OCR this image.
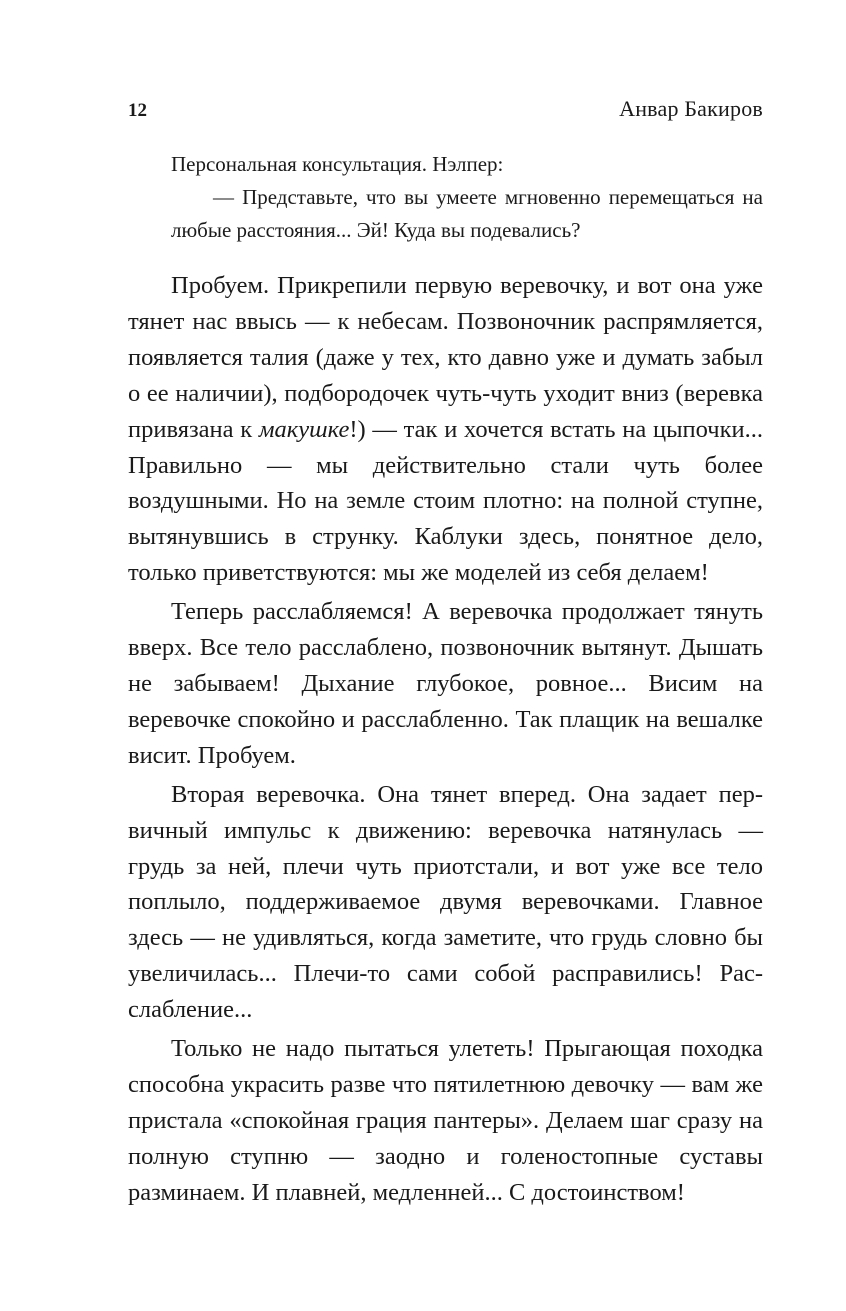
12	Анвар Бакиров

Персональная консультация. Нэлпер:

— Представьте, что вы умеете мгновенно перемещаться на любые расстояния... Эй! Куда вы подевались?

Пробуем. Прикрепили первую веревочку, и вот она уже тянет нас ввысь — к небесам. Позвоночник распрямляется, появляется талия (даже у тех, кто давно уже и думать забыл о ее наличии), подбородочек чуть-чуть уходит вниз (веревка привязана к макушке!) — так и хочется встать на цыпочки... Правильно — мы действительно стали чуть более воздушными. Но на земле стоим плотно: на полной ступне, вытянувшись в струнку. Каблуки здесь, понятное дело, только приветствуются: мы же моделей из себя делаем!

Теперь расслабляемся! А веревочка продолжает тянуть вверх. Все тело расслаблено, позвоночник вытянут. Дышать не забываем! Дыхание глубокое, ровное... Висим на веревочке спокойно и расслабленно. Так плащик на вешалке висит. Пробуем.

Вторая веревочка. Она тянет вперед. Она задает первичный импульс к движению: веревочка натянулась — грудь за ней, плечи чуть приотстали, и вот уже все тело поплыло, поддерживаемое двумя веревочками. Главное здесь — не удивляться, когда заметите, что грудь словно бы увеличилась... Плечи-то сами собой расправились! Расслабление...

Только не надо пытаться улететь! Прыгающая походка способна украсить разве что пятилетнюю девочку — вам же пристала «спокойная грация пантеры». Делаем шаг сразу на полную ступню — заодно и голеностопные суставы разминаем. И плавней, медленней... С достоинством!
